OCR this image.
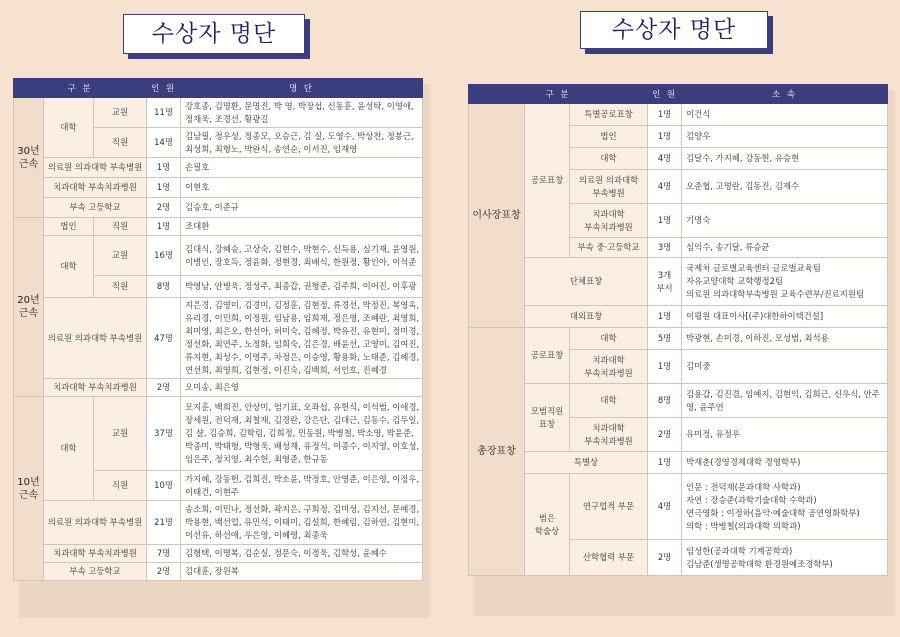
수상자 명단	수상자 명단
구 분			인 원	명 단
30년
근속	대학	교원	11명	강호종, 김명환, 문명진, 박 영, 박장섭, 신동훈, 윤성탁, 이영애, 정재욱, 조경선, 황광길
		직원	14명	김남필, 정우성, 정종모, 오승근, 김 실, 도영수, 박상찬, 정봉근, 최성희, 최형노, 박완식, 송연순, 이서진, 임재영
	의료원 의과대학 부속병원		1명	손필호
	치과대학 부속치과병원		1명	이현호
	부속 고등학교		2명	김승호, 이준규
20년
근속	법인	직원	1명	조대환
	대학	교원	16명	김대식, 강혜승, 고상숙, 김현수, 박현수, 신득용, 심기재, 윤영원, 이병인, 장호득, 정윤화, 정현경, 최배식, 한원정, 황인아, 이석준
		직원	8명	박영남, 안병욱, 정성주, 최종갑, 권형준, 김주희, 이어진, 이후광
	의료원 의과대학 부속병원		47명	지은경, 김영미, 김경미, 김정훈, 김현정, 류경선, 박정진, 복영옥, 유리경, 이민희, 이정원, 임남용, 임희재, 정은영, 조혜란, 최영희, 최미영, 최은오, 한선아, 허미숙, 김혜정, 박유진, 유현미, 정미경, 정선화, 최연주, 노정화, 임희숙, 김은경, 배윤선, 고영미, 김여진, 류지현, 최성수, 이영주, 차정은, 이승영, 황용화, 노태준, 김혜경, 연선희, 최영희, 김현정, 이진숙, 김백희, 서인호, 진혜경
	치과대학 부속치과병원		2명	오미송, 최은영
10년
근속	대학	교원	37명	모지훈, 백희진, 안상미, 엄기표, 오좌섭, 유헌식, 이석범, 이애경, 장세원, 전덕재, 최철재, 김경란, 강은단, 김대근, 김동수, 김두일, 김 샬, 김승희, 김학림, 김희정, 민동원, 박병철, 박소영, 박윤준, 박종미, 박태형, 박형욱, 배성재, 유정석, 이종수, 이지영, 이호성, 임은주, 정치영, 최수헌, 최영준, 한규동
		직원	10명	가지혜, 강동헌, 김희진, 박소윤, 박정호, 안영준, 이은영, 이정우, 이태건, 이현주
	의료원 의과대학 부속병원		21명	송소희, 이민나, 정선화, 곽지은, 구희정, 김미성, 김지선, 문예경, 박용현, 백선업, 유민석, 이태미, 김설희, 한혜림, 김하연, 김현미, 이선유, 하선애, 우은영, 이혜영, 최종욱
	치과대학 부속치과병원		7명	김형택, 이명복, 김순실, 정문숙, 이정욱, 김학성, 윤혜수
	부속 고등학교		2명	김대훈, 장원복
구 분			인 원	소 속
이사장표창	공로표창	특별공로표창	1명	이건식
		법인	1명	김양우
		대학	4명	김달수, 가지혜, 강동헌, 유승현
		의료원 의과대학
부속병원	4명	오준협, 고명란, 김동진, 김재수
		치과대학
부속치과병원	1명	기명숙
		부속 중·고등학교	3명	심익수, 송기달, 류승균
	단체표창		3개
부서	국제처 글로벌교육센터 글로벌교육팀
자유교양대학 교학행정2팀
의료원 의과대학부속병원 교육수련부/진료지원팀
	대외표창		1명	이평원 대표이사[(주)대한하이텍건설]
총장표창	공로표창	대학	5명	박광현, 손미경, 이하진, 모성범, 최석용
		치과대학
부속치과병원	1명	김미중
	모범직원
표창	대학	8명	김용갑, 김진겸, 임예지, 김현익, 김희근, 신우식, 안주영, 윤주연
		치과대학
부속치과병원	2명	유미정, 유정우
	특별상		1명	박재춘(경영경제대학 경영학부)
	범은
학술상	연구업적 부문	4명	인문 : 전덕재(문과대학 사학과)
자연 : 장승준(과학기술대학 수학과)
연극영화 : 이정하(음악·예술대학 공연영화학부)
의학 : 박병철(의과대학 의학과)
		산학협력 부문	2명	임성한(공과대학 기계공학과)
김남준(생명공학대학 환경원예조경학부)
